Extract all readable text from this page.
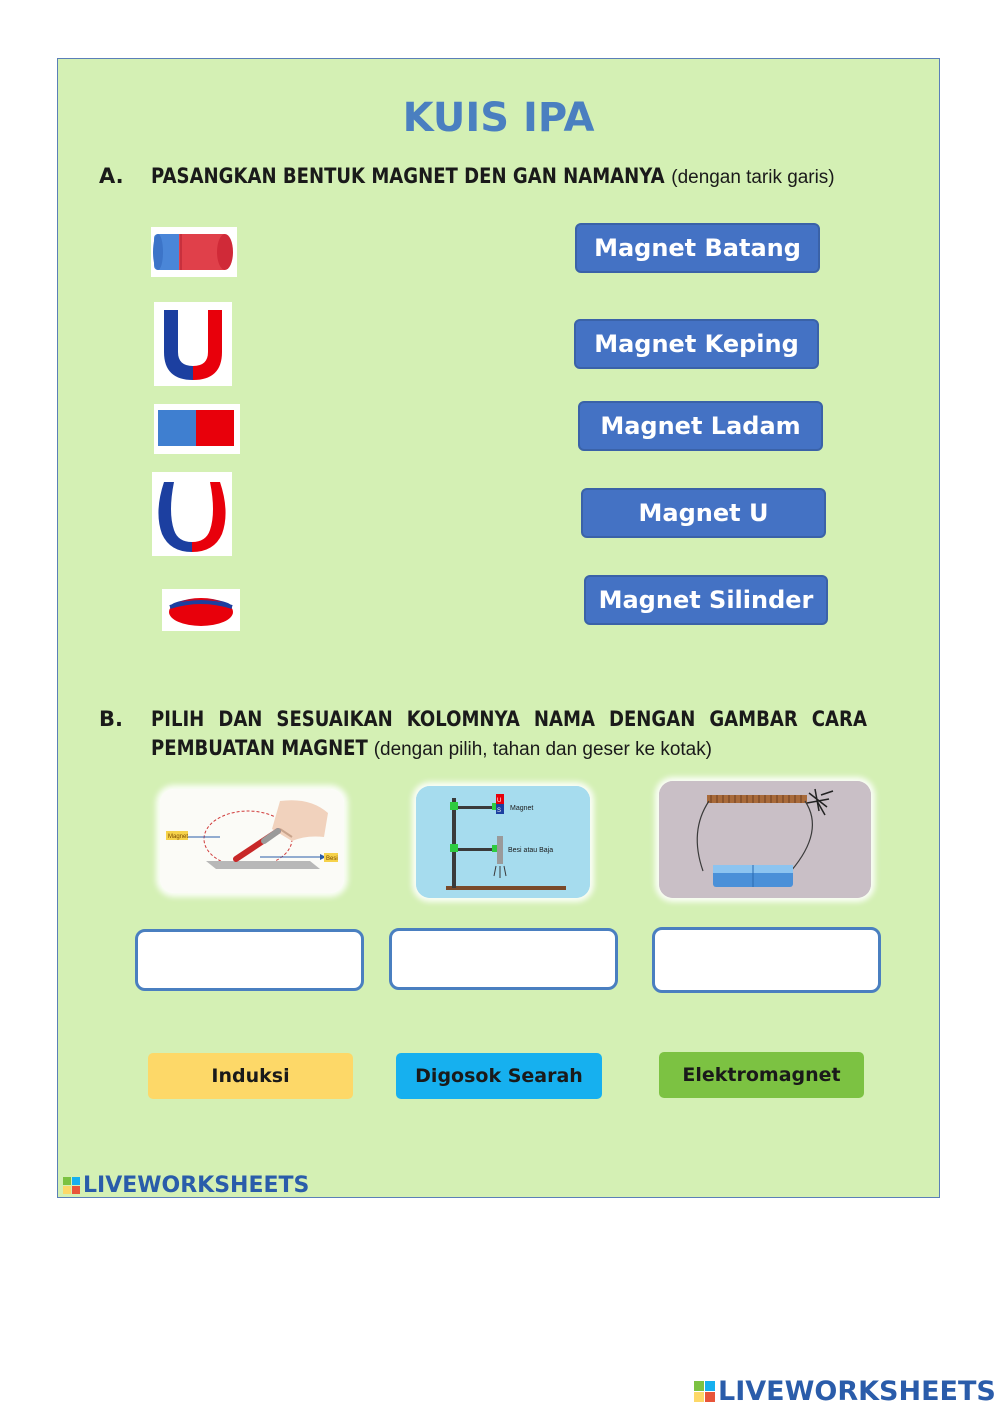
KUIS IPA
A. PASANGKAN BENTUK MAGNET DEN GAN NAMANYA (dengan tarik garis)
Magnet Batang
Magnet Keping
Magnet Ladam
Magnet U
Magnet Silinder
B. PILIH DAN SESUAIKAN KOLOMNYA NAMA DENGAN GAMBAR CARA
PEMBUATAN MAGNET (dengan pilih, tahan dan geser ke kotak)
Magnet
Besi
U
S Magnet
Besi atau Baja
Induksi	Digosok Searah	Elektromagnet
LIVEWORKSHEETS
LIVEWORKSHEETS
